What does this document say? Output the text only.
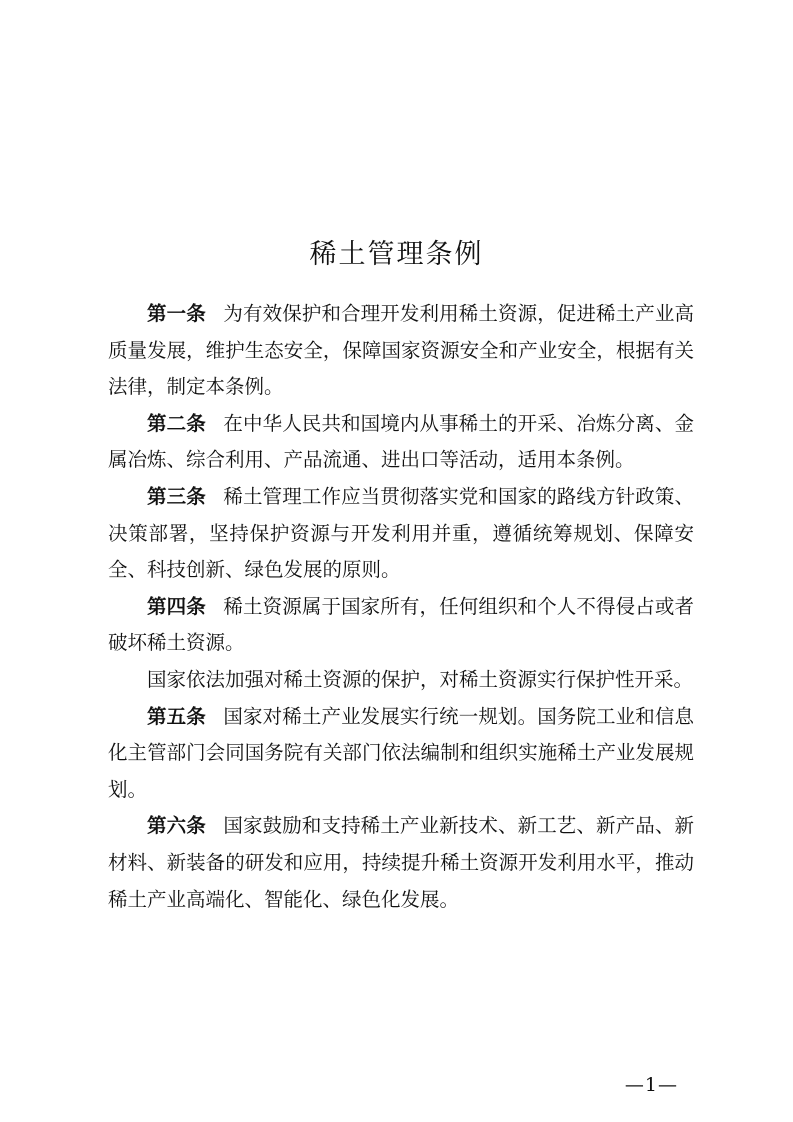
稀土管理条例

第一条 为有效保护和合理开发利用稀土资源，促进稀土产业高质量发展，维护生态安全，保障国家资源安全和产业安全，根据有关法律，制定本条例。

第二条 在中华人民共和国境内从事稀土的开采、冶炼分离、金属冶炼、综合利用、产品流通、进出口等活动，适用本条例。

第三条 稀土管理工作应当贯彻落实党和国家的路线方针政策、决策部署，坚持保护资源与开发利用并重，遵循统筹规划、保障安全、科技创新、绿色发展的原则。

第四条 稀土资源属于国家所有，任何组织和个人不得侵占或者破坏稀土资源。

国家依法加强对稀土资源的保护，对稀土资源实行保护性开采。

第五条 国家对稀土产业发展实行统一规划。国务院工业和信息化主管部门会同国务院有关部门依法编制和组织实施稀土产业发展规划。

第六条 国家鼓励和支持稀土产业新技术、新工艺、新产品、新材料、新装备的研发和应用，持续提升稀土资源开发利用水平，推动稀土产业高端化、智能化、绿色化发展。

—1—
